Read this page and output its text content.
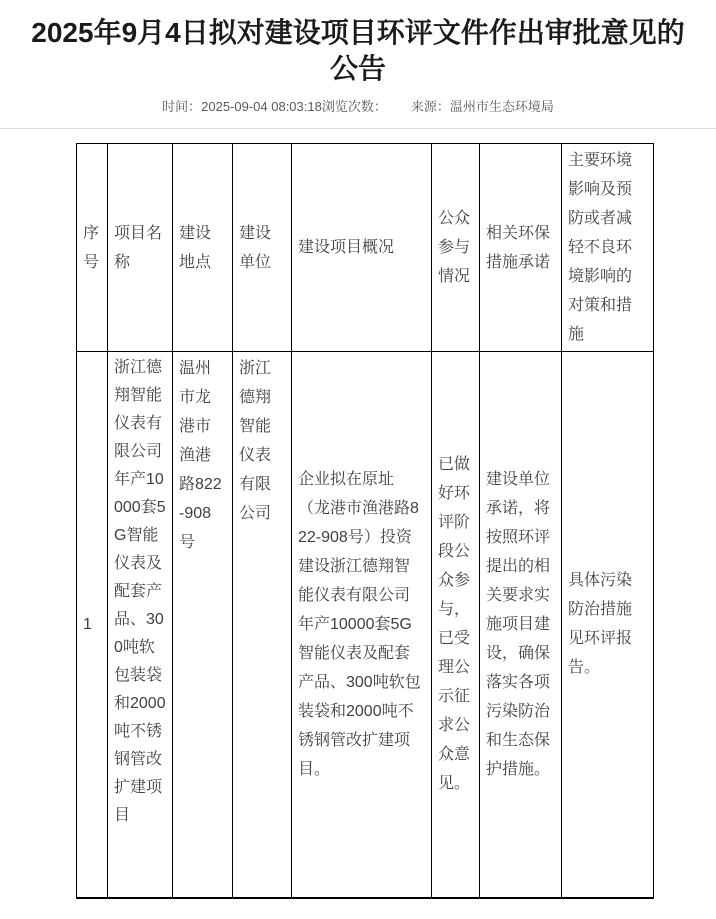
2025年9月4日拟对建设项目环评文件作出审批意见的公告
时间：2025-09-04 08:03:18浏览次数： 来源：温州市生态环境局
序号	项目名称	建设地点	建设单位	建设项目概况	公众参与情况	相关环保措施承诺	主要环境影响及预防或者减轻不良环境影响的对策和措施
1	浙江德翔智能仪表有限公司年产10000套5G智能仪表及配套产品、300吨软包装袋和2000吨不锈钢管改扩建项目	温州市龙港市渔港路822-908号	浙江德翔智能仪表有限公司	企业拟在原址（龙港市渔港路822-908号）投资建设浙江德翔智能仪表有限公司年产10000套5G智能仪表及配套产品、300吨软包装袋和2000吨不锈钢管改扩建项目。	已做好环评阶段公众参与，已受理公示征求公众意见。	建设单位承诺，将按照环评提出的相关要求实施项目建设，确保落实各项污染防治和生态保护措施。	具体污染防治措施见环评报告。
